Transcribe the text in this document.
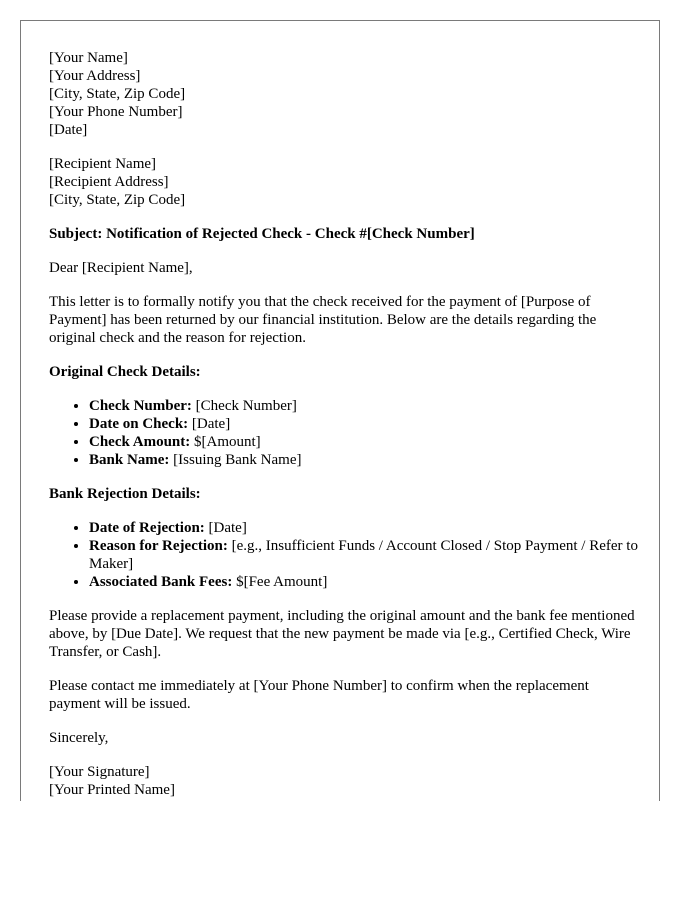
[Your Name]
[Your Address]
[City, State, Zip Code]
[Your Phone Number]
[Date]
[Recipient Name]
[Recipient Address]
[City, State, Zip Code]

Subject: Notification of Rejected Check - Check #[Check Number]

Dear [Recipient Name],

This letter is to formally notify you that the check received for the payment of [Purpose of Payment] has been returned by our financial institution. Below are the details regarding the original check and the reason for rejection.

Original Check Details:

• Check Number: [Check Number]
• Date on Check: [Date]
• Check Amount: $[Amount]
• Bank Name: [Issuing Bank Name]

Bank Rejection Details:

• Date of Rejection: [Date]
• Reason for Rejection: [e.g., Insufficient Funds / Account Closed / Stop Payment / Refer to Maker]
• Associated Bank Fees: $[Fee Amount]

Please provide a replacement payment, including the original amount and the bank fee mentioned above, by [Due Date]. We request that the new payment be made via [e.g., Certified Check, Wire Transfer, or Cash].

Please contact me immediately at [Your Phone Number] to confirm when the replacement payment will be issued.

Sincerely,

[Your Signature]
[Your Printed Name]
